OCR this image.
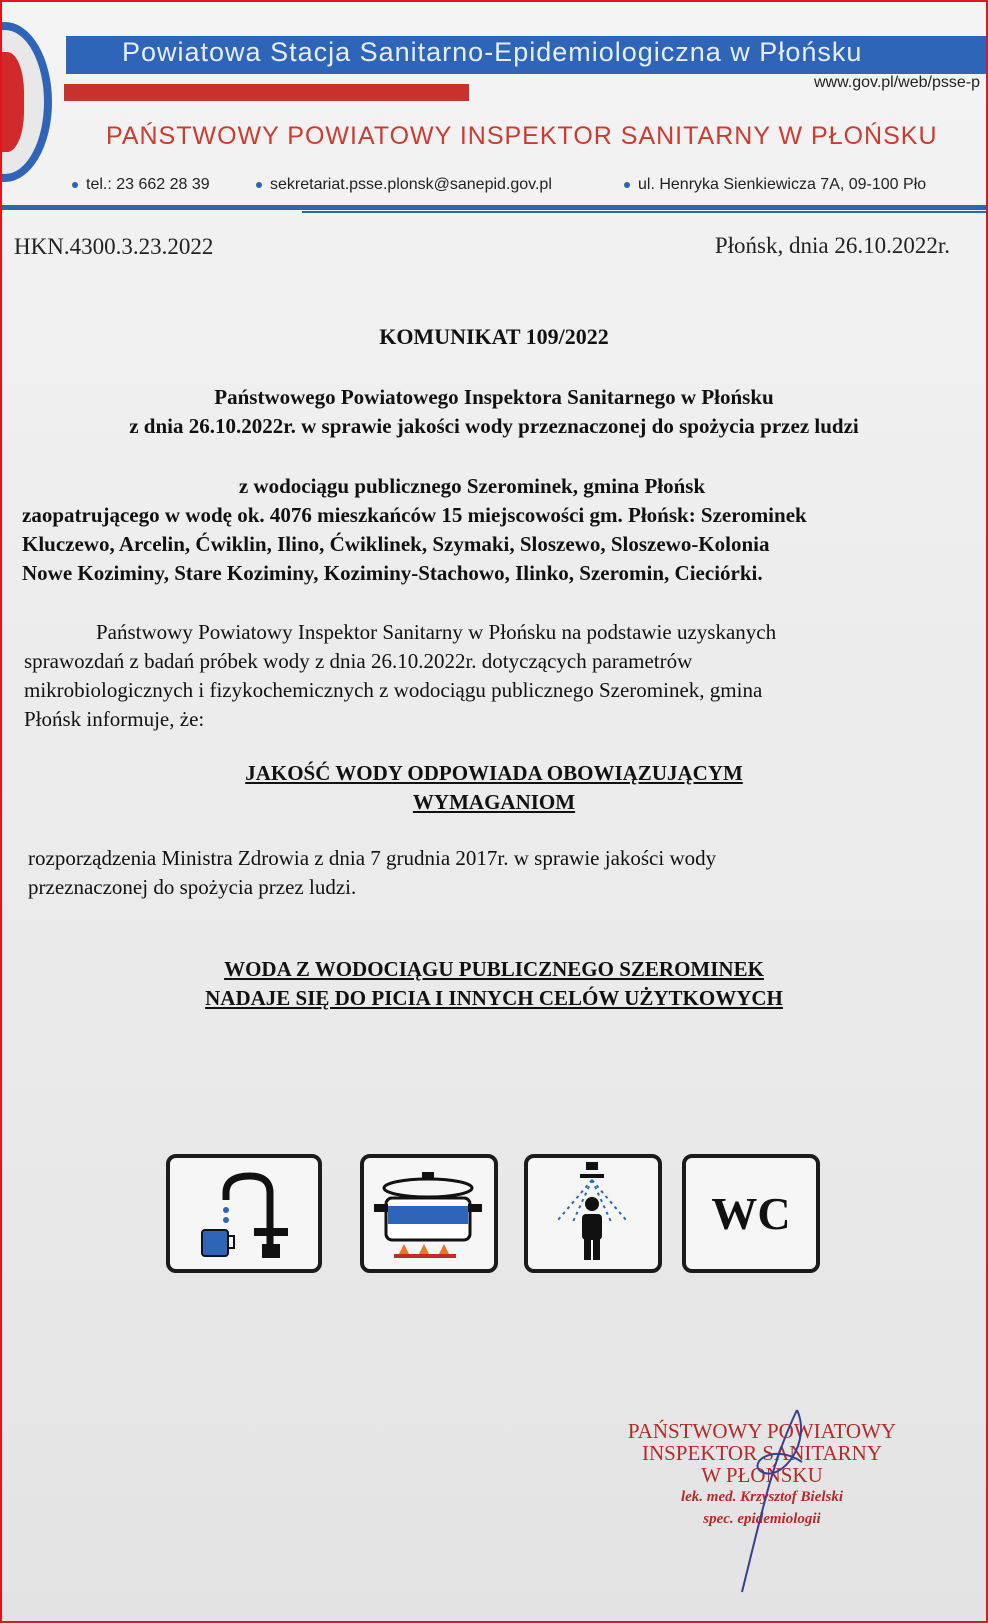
Powiatowa Stacja Sanitarno-Epidemiologiczna w Płońsku
www.gov.pl/web/psse-p
PAŃSTWOWY POWIATOWY INSPEKTOR SANITARNY W PŁOŃSKU
tel.: 23 662 28 39	sekretariat.psse.plonsk@sanepid.gov.pl	ul. Henryka Sienkiewicza 7A, 09-100 Pło
HKN.4300.3.23.2022	Płońsk, dnia 26.10.2022r.
KOMUNIKAT 109/2022
Państwowego Powiatowego Inspektora Sanitarnego w Płońsku
z dnia 26.10.2022r. w sprawie jakości wody przeznaczonej do spożycia przez ludzi
z wodociągu publicznego Szerominek, gmina Płońsk
zaopatrującego w wodę ok. 4076 mieszkańców 15 miejscowości gm. Płońsk: Szerominek
Kluczewo, Arcelin, Ćwiklin, Ilino, Ćwiklinek, Szymaki, Sloszewo, Sloszewo-Kolonia
Nowe Koziminy, Stare Koziminy, Koziminy-Stachowo, Ilinko, Szeromin, Cieciórki.
Państwowy Powiatowy Inspektor Sanitarny w Płońsku na podstawie uzyskanych
sprawozdań z badań próbek wody z dnia 26.10.2022r. dotyczących parametrów
mikrobiologicznych i fizykochemicznych z wodociągu publicznego Szerominek, gmina
Płońsk informuje, że:
JAKOŚĆ WODY ODPOWIADA OBOWIĄZUJĄCYM
WYMAGANIOM
rozporządzenia Ministra Zdrowia z dnia 7 grudnia 2017r. w sprawie jakości wody
przeznaczonej do spożycia przez ludzi.
WODA Z WODOCIĄGU PUBLICZNEGO SZEROMINEK
NADAJE SIĘ DO PICIA I INNYCH CELÓW UŻYTKOWYCH
WC
PAŃSTWOWY POWIATOWY
INSPEKTOR SANITARNY
W PŁOŃSKU
lek. med. Krzysztof Bielski
spec. epidemiologii
